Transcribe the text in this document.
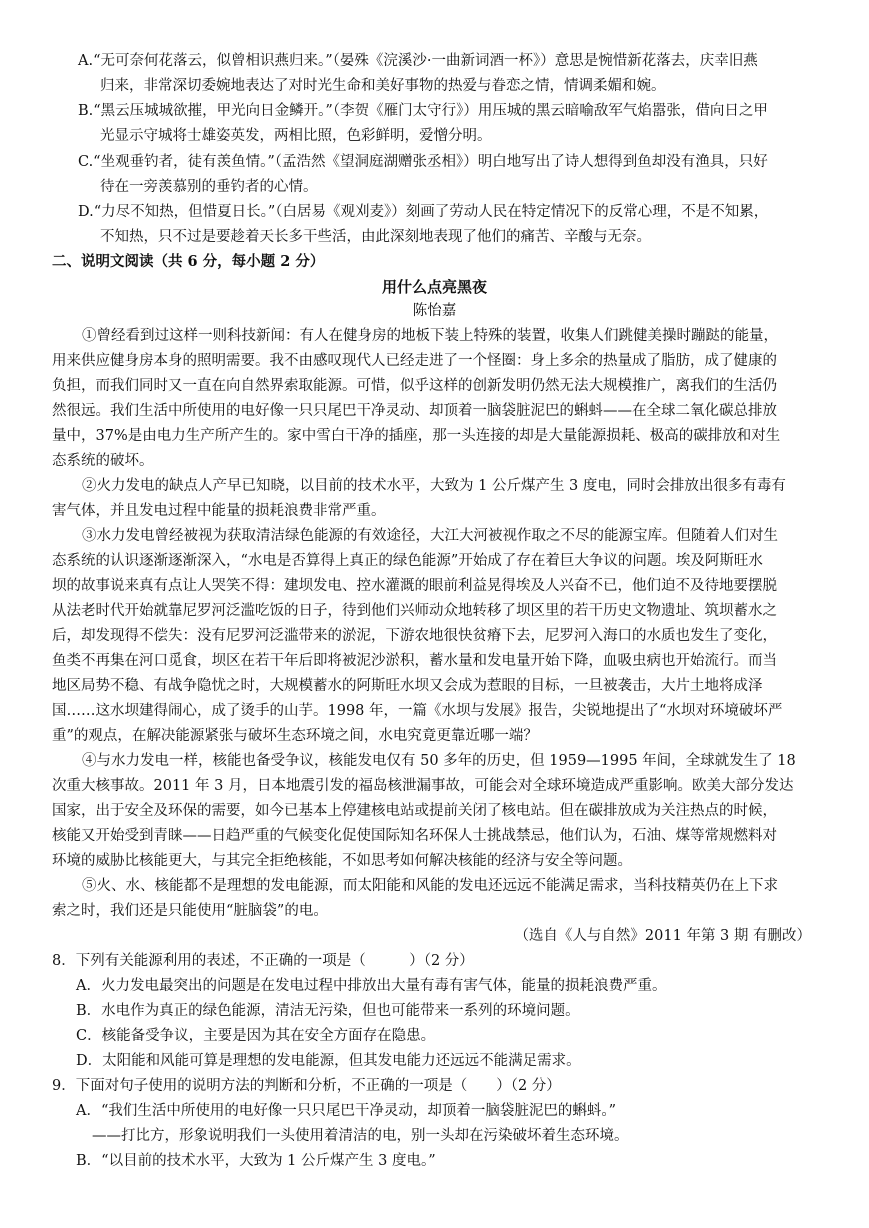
A.“无可奈何花落云，似曾相识燕归来。”（晏殊《浣溪沙·一曲新词酒一杯》）意思是惋惜新花落去，庆幸旧燕
归来，非常深切委婉地表达了对时光生命和美好事物的热爱与眷恋之情，情调柔媚和婉。
B.“黑云压城城欲摧，甲光向日金鳞开。”（李贺《雁门太守行》）用压城的黑云暗喻敌军气焰嚣张，借向日之甲
光显示守城将士雄姿英发，两相比照，色彩鲜明，爱憎分明。
C.“坐观垂钓者，徒有羡鱼情。”（孟浩然《望洞庭湖赠张丞相》）明白地写出了诗人想得到鱼却没有渔具，只好
待在一旁羡慕别的垂钓者的心情。
D.“力尽不知热，但惜夏日长。”（白居易《观刈麦》）刻画了劳动人民在特定情况下的反常心理，不是不知累，
不知热，只不过是要趁着天长多干些活，由此深刻地表现了他们的痛苦、辛酸与无奈。
二、说明文阅读（共 6 分，每小题 2 分）
用什么点亮黑夜
陈怡嘉
①曾经看到过这样一则科技新闻：有人在健身房的地板下装上特殊的装置，收集人们跳健美操时蹦跶的能量，
用来供应健身房本身的照明需要。我不由感叹现代人已经走进了一个怪圈：身上多余的热量成了脂肪，成了健康的
负担，而我们同时又一直在向自然界索取能源。可惜，似乎这样的创新发明仍然无法大规模推广，离我们的生活仍
然很远。我们生活中所使用的电好像一只只尾巴干净灵动、却顶着一脑袋脏泥巴的蝌蚪——在全球二氧化碳总排放
量中，37%是由电力生产所产生的。家中雪白干净的插座，那一头连接的却是大量能源损耗、极高的碳排放和对生
态系统的破坏。
②火力发电的缺点人产早已知晓，以目前的技术水平，大致为 1 公斤煤产生 3 度电，同时会排放出很多有毒有
害气体，并且发电过程中能量的损耗浪费非常严重。
③水力发电曾经被视为获取清洁绿色能源的有效途径，大江大河被视作取之不尽的能源宝库。但随着人们对生
态系统的认识逐渐逐渐深入，“水电是否算得上真正的绿色能源”开始成了存在着巨大争议的问题。埃及阿斯旺水
坝的故事说来真有点让人哭笑不得：建坝发电、控水灌溉的眼前利益晃得埃及人兴奋不已，他们迫不及待地要摆脱
从法老时代开始就靠尼罗河泛滥吃饭的日子，待到他们兴师动众地转移了坝区里的若干历史文物遗址、筑坝蓄水之
后，却发现得不偿失：没有尼罗河泛滥带来的淤泥，下游农地很快贫瘠下去，尼罗河入海口的水质也发生了变化，
鱼类不再集在河口觅食，坝区在若干年后即将被泥沙淤积，蓄水量和发电量开始下降，血吸虫病也开始流行。而当
地区局势不稳、有战争隐忧之时，大规模蓄水的阿斯旺水坝又会成为惹眼的目标，一旦被袭击，大片土地将成泽
国……这水坝建得闹心，成了烫手的山芋。1998 年，一篇《水坝与发展》报告，尖锐地提出了“水坝对环境破坏严
重”的观点，在解决能源紧张与破坏生态环境之间，水电究竟更靠近哪一端？
④与水力发电一样，核能也备受争议，核能发电仅有 50 多年的历史，但 1959—1995 年间，全球就发生了 18
次重大核事故。2011 年 3 月，日本地震引发的福岛核泄漏事故，可能会对全球环境造成严重影响。欧美大部分发达
国家，出于安全及环保的需要，如今已基本上停建核电站或提前关闭了核电站。但在碳排放成为关注热点的时候，
核能又开始受到青睐——日趋严重的气候变化促使国际知名环保人士挑战禁忌，他们认为，石油、煤等常规燃料对
环境的威胁比核能更大，与其完全拒绝核能，不如思考如何解决核能的经济与安全等问题。
⑤火、水、核能都不是理想的发电能源，而太阳能和风能的发电还远远不能满足需求，当科技精英仍在上下求
索之时，我们还是只能使用“脏脑袋”的电。
（选自《人与自然》2011 年第 3 期 有删改）
8．下列有关能源利用的表述，不正确的一项是（　　　）（2 分）
A．火力发电最突出的问题是在发电过程中排放出大量有毒有害气体，能量的损耗浪费严重。
B．水电作为真正的绿色能源，清洁无污染，但也可能带来一系列的环境问题。
C．核能备受争议，主要是因为其在安全方面存在隐患。
D．太阳能和风能可算是理想的发电能源，但其发电能力还远远不能满足需求。
9．下面对句子使用的说明方法的判断和分析，不正确的一项是（　　）（2 分）
A．“我们生活中所使用的电好像一只只尾巴干净灵动，却顶着一脑袋脏泥巴的蝌蚪。”
——打比方，形象说明我们一头使用着清洁的电，别一头却在污染破坏着生态环境。
B．“以目前的技术水平，大致为 1 公斤煤产生 3 度电。”
